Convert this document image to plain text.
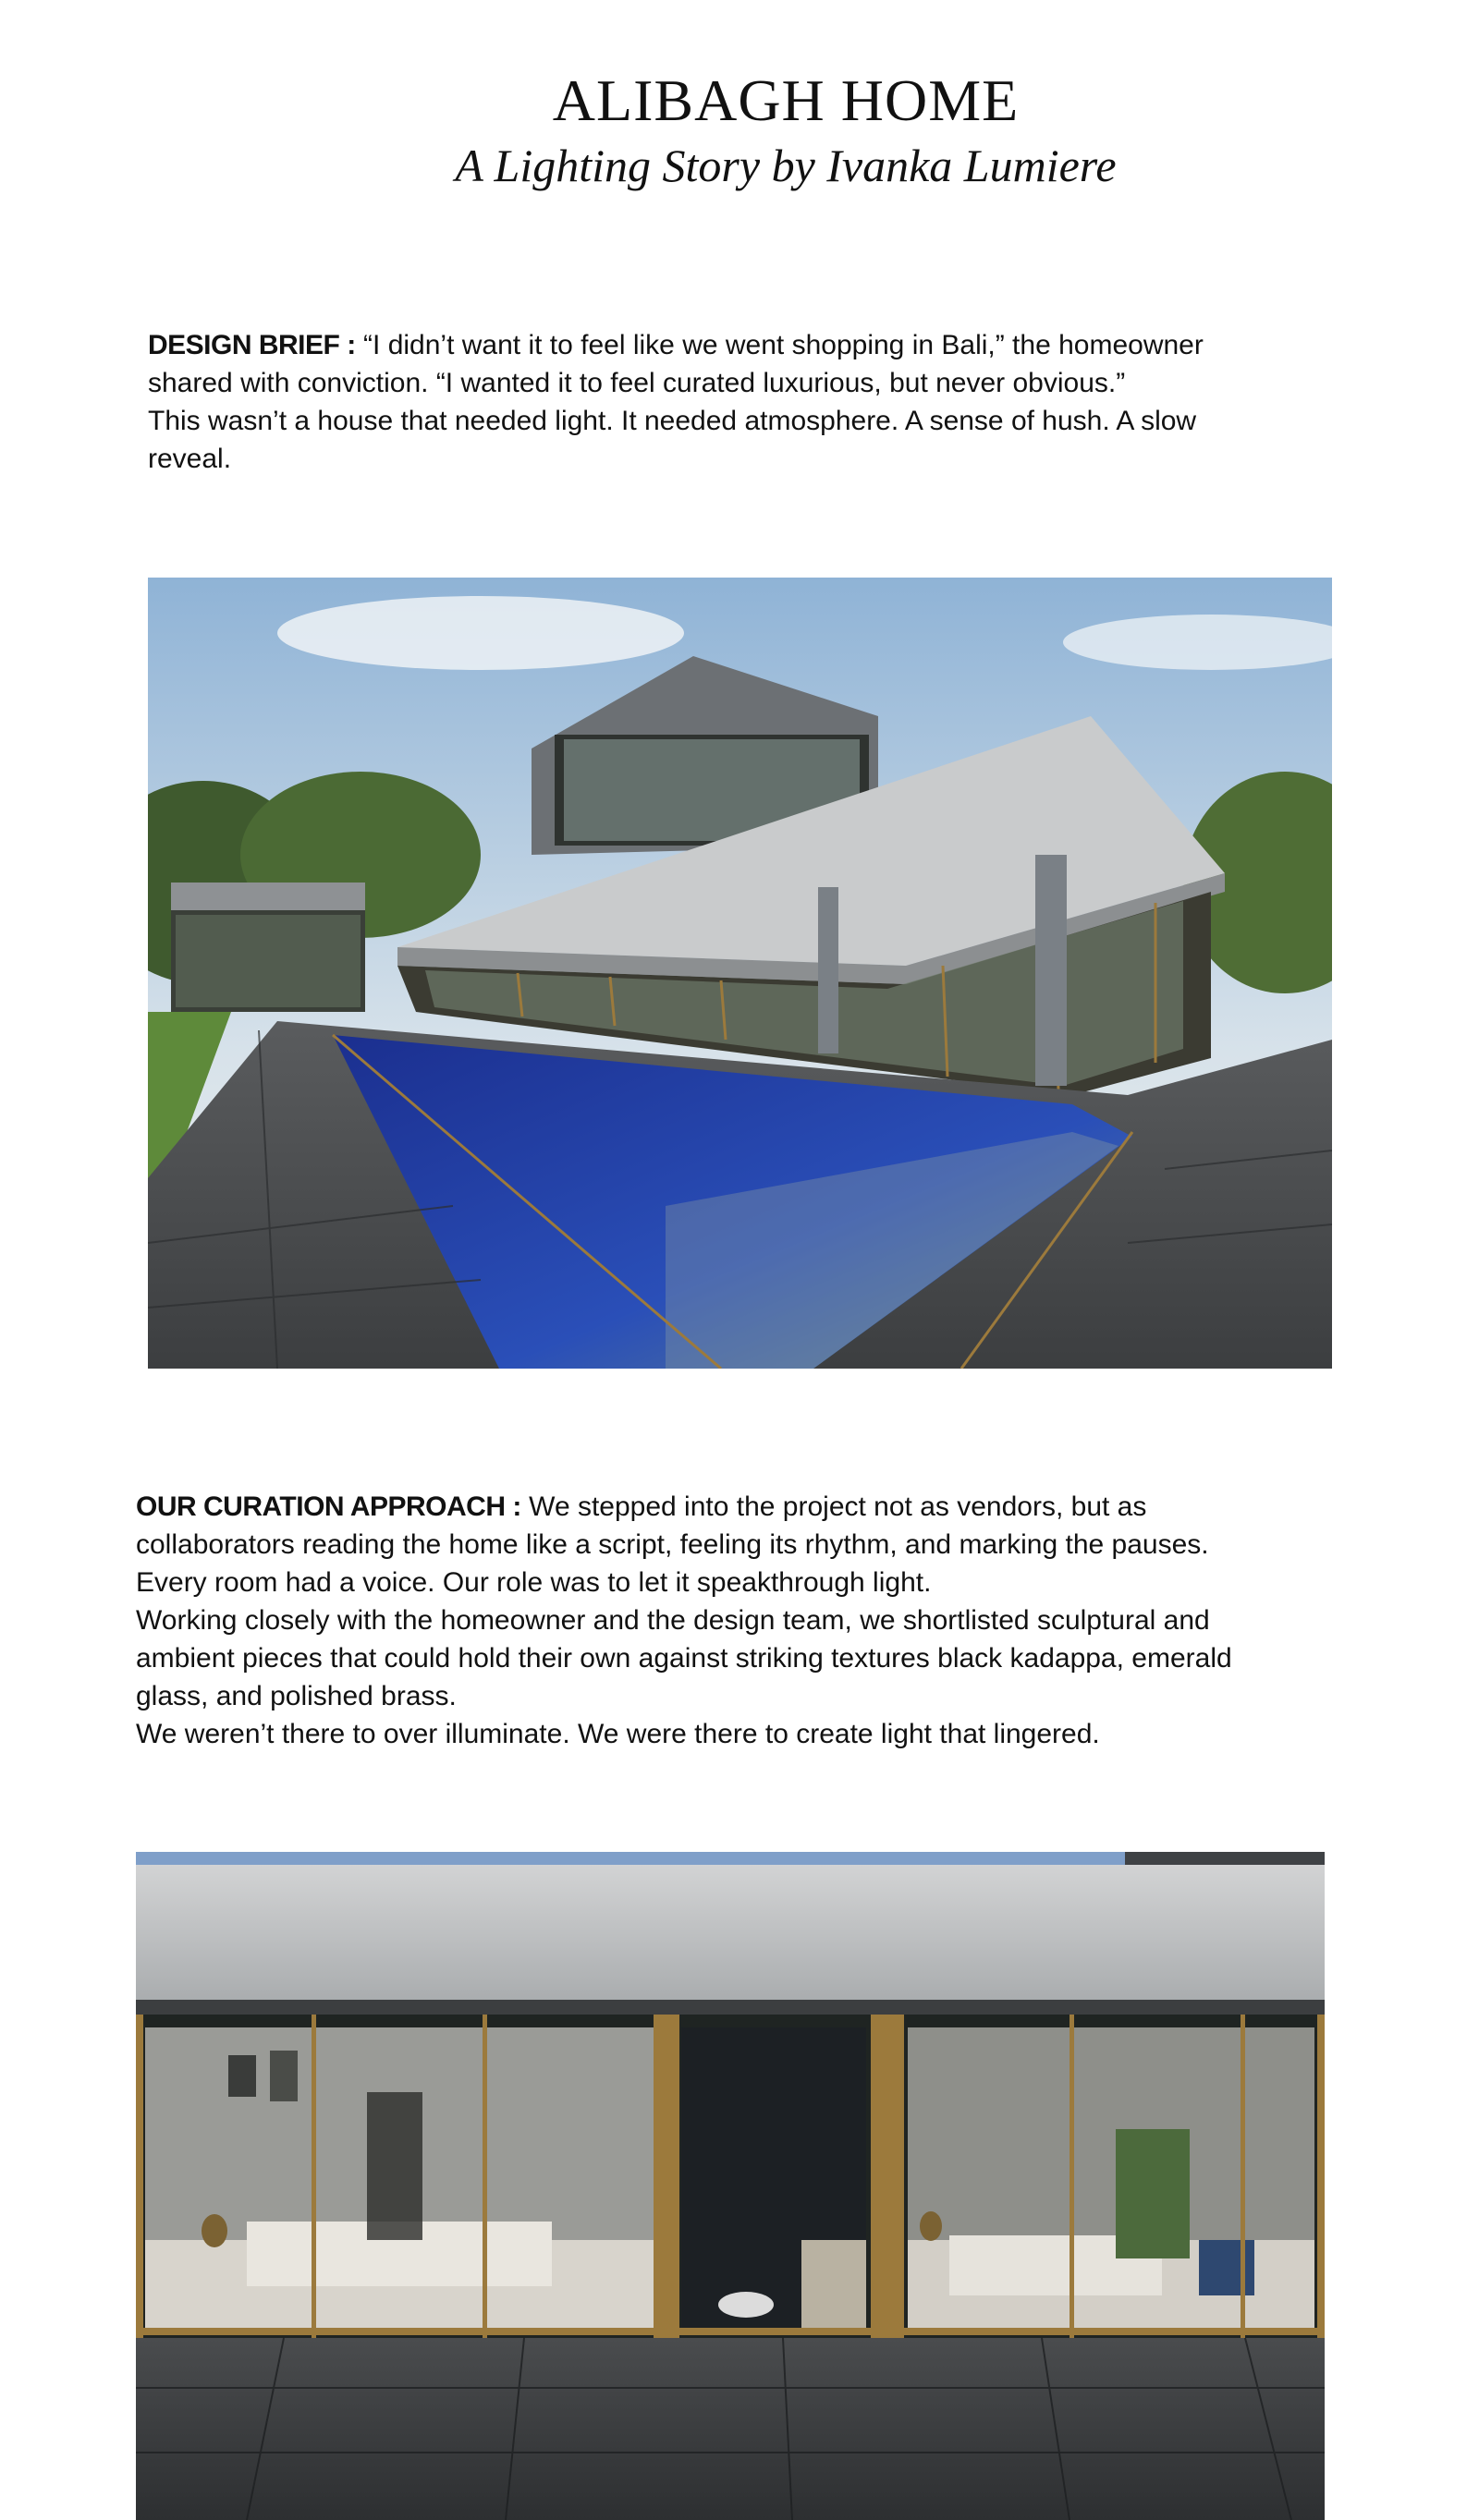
ALIBAGH HOME
A Lighting Story by Ivanka Lumiere

DESIGN BRIEF : “I didn’t want it to feel like we went shopping in Bali,” the homeowner
shared with conviction. “I wanted it to feel curated luxurious, but never obvious.”
This wasn’t a house that needed light. It needed atmosphere. A sense of hush. A slow
reveal.

OUR CURATION APPROACH : We stepped into the project not as vendors, but as
collaborators reading the home like a script, feeling its rhythm, and marking the pauses.
Every room had a voice. Our role was to let it speakthrough light.
Working closely with the homeowner and the design team, we shortlisted sculptural and
ambient pieces that could hold their own against striking textures black kadappa, emerald
glass, and polished brass.
We weren’t there to over illuminate. We were there to create light that lingered.
